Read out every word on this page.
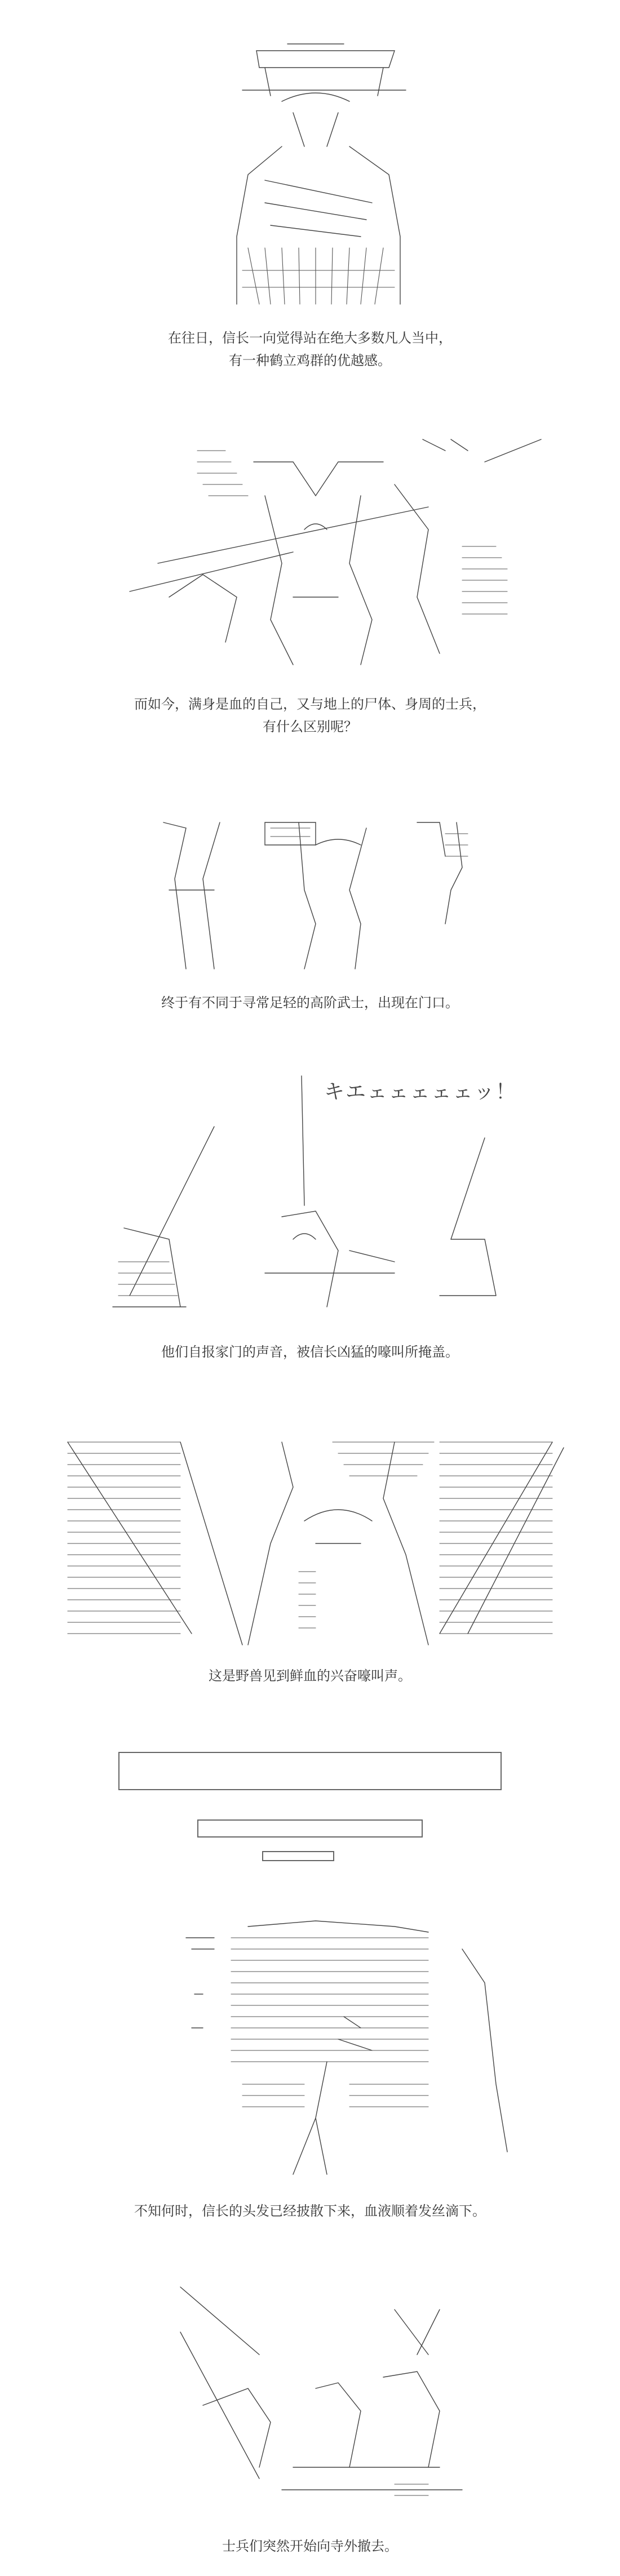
在往日，信长一向觉得站在绝大多数凡人当中，
有一种鹤立鸡群的优越感。
而如今，满身是血的自己，又与地上的尸体、身周的士兵，
有什么区别呢？
终于有不同于寻常足轻的高阶武士，出现在门口。
キエェェェェェッ！
他们自报家门的声音，被信长凶猛的嚎叫所掩盖。
这是野兽见到鲜血的兴奋嚎叫声。
不知何时，信长的头发已经披散下来，血液顺着发丝滴下。
士兵们突然开始向寺外撤去。
